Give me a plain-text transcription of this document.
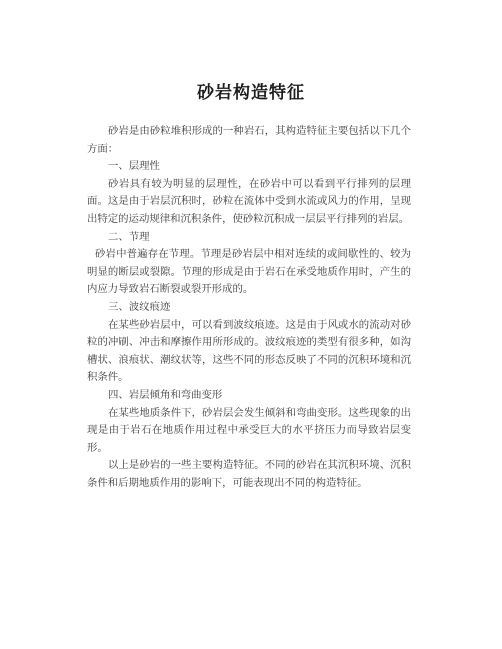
砂岩构造特征

砂岩是由砂粒堆积形成的一种岩石，其构造特征主要包括以下几个方面：

一、层理性

砂岩具有较为明显的层理性，在砂岩中可以看到平行排列的层理面。这是由于岩层沉积时，砂粒在流体中受到水流或风力的作用，呈现出特定的运动规律和沉积条件，使砂粒沉积成一层层平行排列的岩层。

二、节理

砂岩中普遍存在节理。节理是砂岩层中相对连续的或间歇性的、较为明显的断层或裂隙。节理的形成是由于岩石在承受地质作用时，产生的内应力导致岩石断裂或裂开形成的。

三、波纹痕迹

在某些砂岩层中，可以看到波纹痕迹。这是由于风或水的流动对砂粒的冲刷、冲击和摩擦作用所形成的。波纹痕迹的类型有很多种，如沟槽状、浪痕状、潮纹状等，这些不同的形态反映了不同的沉积环境和沉积条件。

四、岩层倾角和弯曲变形

在某些地质条件下，砂岩层会发生倾斜和弯曲变形。这些现象的出现是由于岩石在地质作用过程中承受巨大的水平挤压力而导致岩层变形。

以上是砂岩的一些主要构造特征。不同的砂岩在其沉积环境、沉积条件和后期地质作用的影响下，可能表现出不同的构造特征。
